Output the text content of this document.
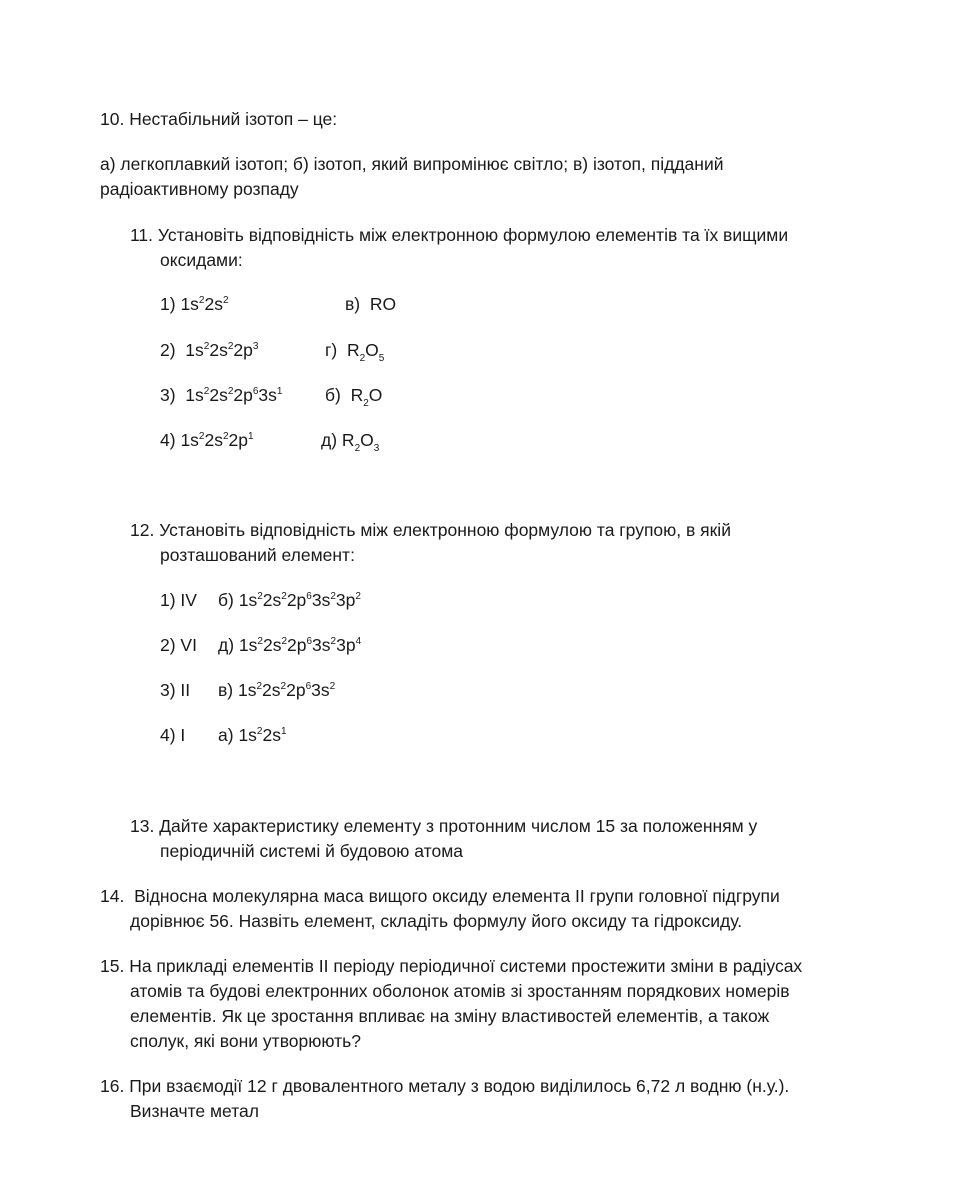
10. Нестабільний ізотоп – це:
а) легкоплавкий ізотоп; б) ізотоп, який випромінює світло; в) ізотоп, підданий
радіоактивному розпаду
11. Установіть відповідність між електронною формулою елементів та їх вищими
оксидами:
1) $1s^22s^2$
2) $1s^22s^22p^3$
3) $1s^22s^22p^63s^1$
4) $1s^22s^22p^1$
в) RO
г) $R_2O_5$
б) $R_2O$
д) $R_2O_3$
12. Установіть відповідність між електронною формулою та групою, в якій
розташований елемент:
1) IV б) $1s^22s^22p^63s^23p^2$
2) VI д) $1s^22s^22p^63s^23p^4$
3) II в) $1s^22s^22p^63s^2$
4) I а) $1s^22s^1$
13. Дайте характеристику елементу з протонним числом 15 за положенням у
періодичній системі й будовою атома
14. Відносна молекулярна маса вищого оксиду елемента II групи головної підгрупи
дорівнює 56. Назвіть елемент, складіть формулу його оксиду та гідроксиду.
15. На прикладі елементів II періоду періодичної системи простежити зміни в радіусах
атомів та будові електронних оболонок атомів зі зростанням порядкових номерів
елементів. Як це зростання впливає на зміну властивостей елементів, а також
сполук, які вони утворюють?
16. При взаємодії 12 г двовалентного металу з водою виділилось 6,72 л водню (н.у.).
Визначте метал
